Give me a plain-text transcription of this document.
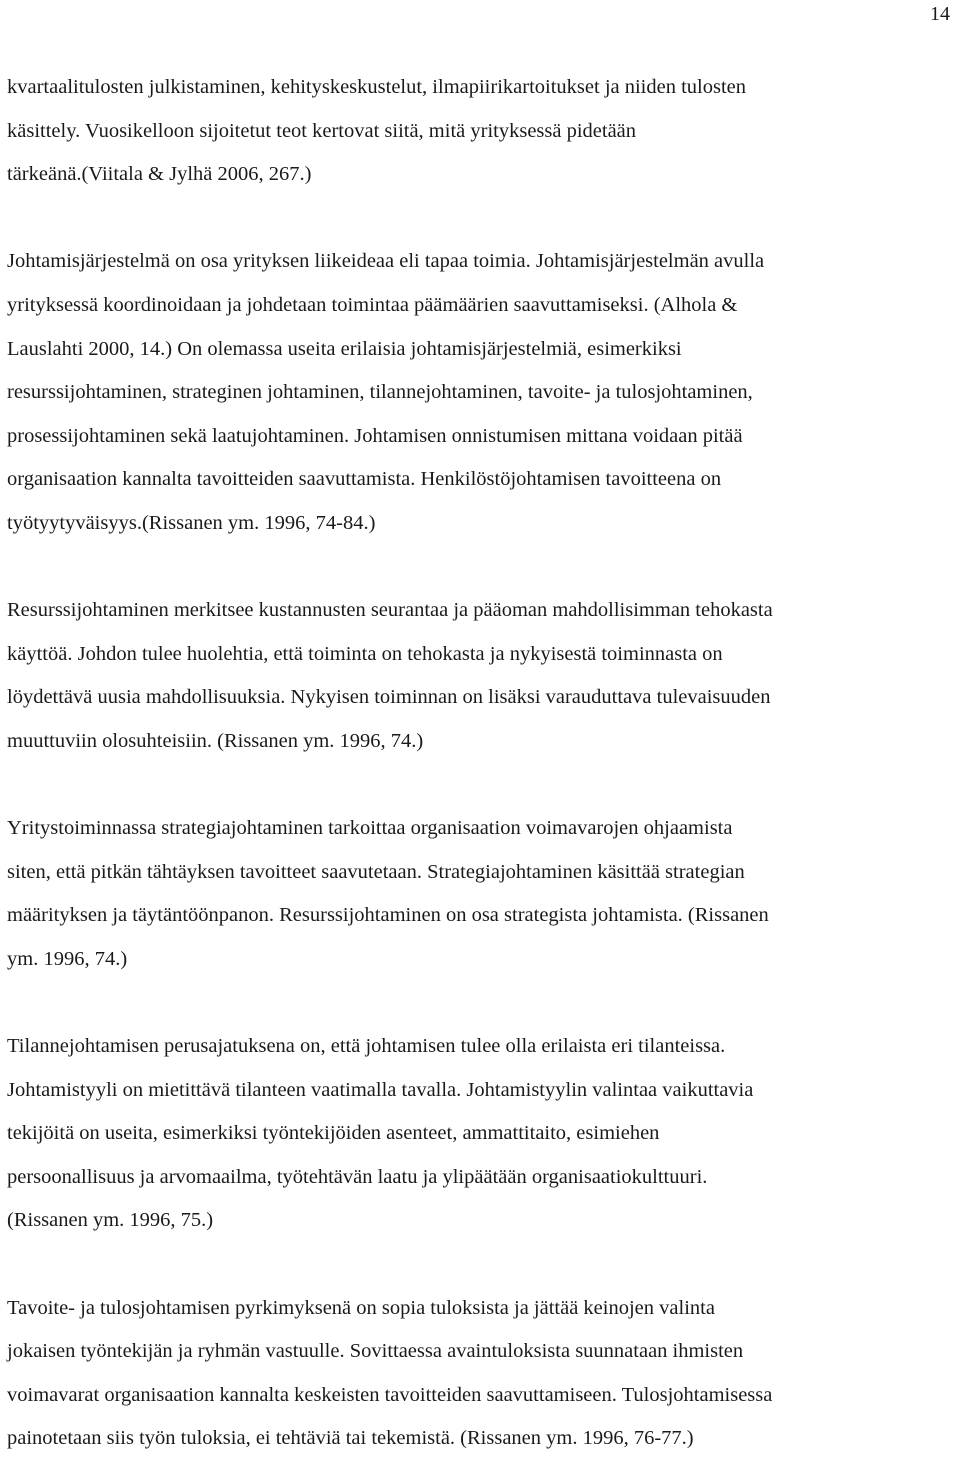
14

kvartaalitulosten julkistaminen, kehityskeskustelut, ilmapiirikartoitukset ja niiden tulosten
käsittely. Vuosikelloon sijoitetut teot kertovat siitä, mitä yrityksessä pidetään
tärkeänä.(Viitala & Jylhä 2006, 267.)

Johtamisjärjestelmä on osa yrityksen liikeideaa eli tapaa toimia. Johtamisjärjestelmän avulla
yrityksessä koordinoidaan ja johdetaan toimintaa päämäärien saavuttamiseksi. (Alhola &
Lauslahti 2000, 14.) On olemassa useita erilaisia johtamisjärjestelmiä, esimerkiksi
resurssijohtaminen, strateginen johtaminen, tilannejohtaminen, tavoite- ja tulosjohtaminen,
prosessijohtaminen sekä laatujohtaminen. Johtamisen onnistumisen mittana voidaan pitää
organisaation kannalta tavoitteiden saavuttamista. Henkilöstöjohtamisen tavoitteena on
työtyytyväisyys.(Rissanen ym. 1996, 74-84.)

Resurssijohtaminen merkitsee kustannusten seurantaa ja pääoman mahdollisimman tehokasta
käyttöä. Johdon tulee huolehtia, että toiminta on tehokasta ja nykyisestä toiminnasta on
löydettävä uusia mahdollisuuksia. Nykyisen toiminnan on lisäksi varauduttava tulevaisuuden
muuttuviin olosuhteisiin. (Rissanen ym. 1996, 74.)

Yritystoiminnassa strategiajohtaminen tarkoittaa organisaation voimavarojen ohjaamista
siten, että pitkän tähtäyksen tavoitteet saavutetaan. Strategiajohtaminen käsittää strategian
määrityksen ja täytäntöönpanon. Resurssijohtaminen on osa strategista johtamista. (Rissanen
ym. 1996, 74.)

Tilannejohtamisen perusajatuksena on, että johtamisen tulee olla erilaista eri tilanteissa.
Johtamistyyli on mietittävä tilanteen vaatimalla tavalla. Johtamistyylin valintaa vaikuttavia
tekijöitä on useita, esimerkiksi työntekijöiden asenteet, ammattitaito, esimiehen
persoonallisuus ja arvomaailma, työtehtävän laatu ja ylipäätään organisaatiokulttuuri.
(Rissanen ym. 1996, 75.)

Tavoite- ja tulosjohtamisen pyrkimyksenä on sopia tuloksista ja jättää keinojen valinta
jokaisen työntekijän ja ryhmän vastuulle. Sovittaessa avaintuloksista suunnataan ihmisten
voimavarat organisaation kannalta keskeisten tavoitteiden saavuttamiseen. Tulosjohtamisessa
painotetaan siis työn tuloksia, ei tehtäviä tai tekemistä. (Rissanen ym. 1996, 76-77.)
